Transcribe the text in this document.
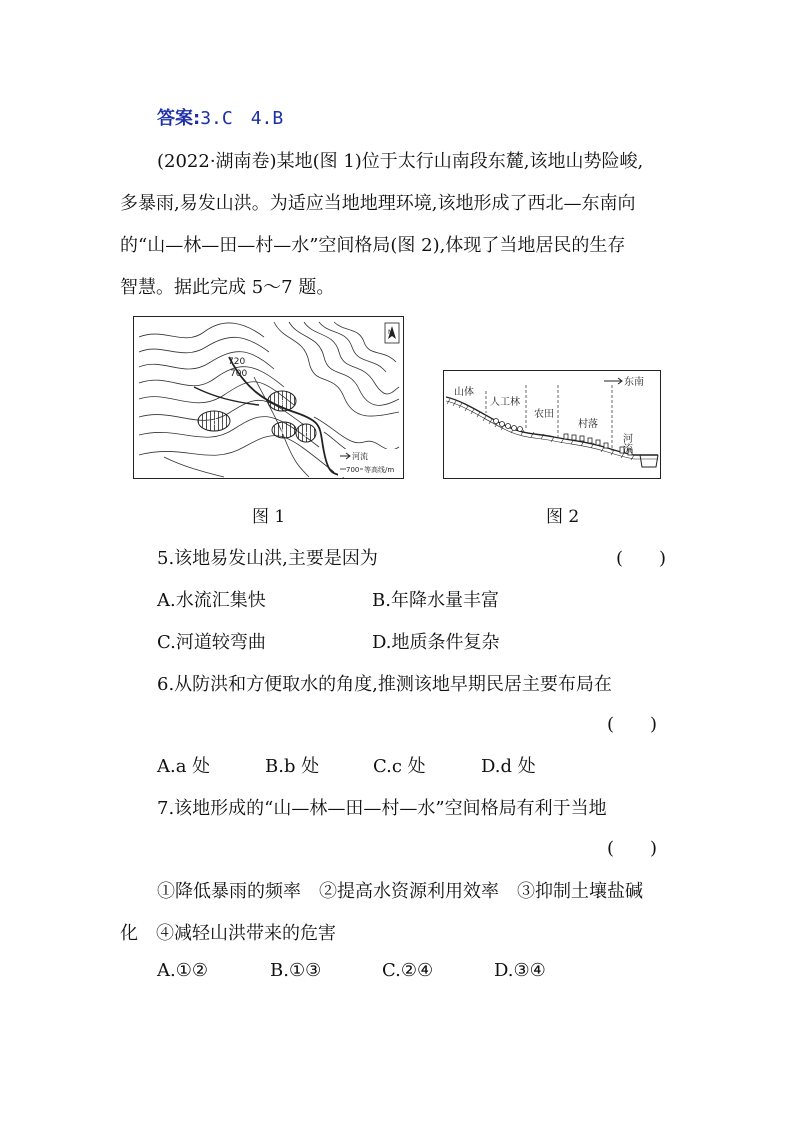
答案:3.C　4.B
(2022·湖南卷)某地(图 1)位于太行山南段东麓,该地山势险峻,
多暴雨,易发山洪。为适应当地地理环境,该地形成了西北—东南向
的“山—林—田—村—水”空间格局(图 2),体现了当地居民的生存
智慧。据此完成 5～7 题。
a
b
c
d
720
700
N
河流
700 等高线/m
图 1
东南
山体
人工林
农田
村落
河流
图 2
5.该地易发山洪,主要是因为	(　　)
A.水流汇集快	B.年降水量丰富
C.河道较弯曲	D.地质条件复杂
6.从防洪和方便取水的角度,推测该地早期民居主要布局在
(　　)
A.a 处	B.b 处	C.c 处	D.d 处
7.该地形成的“山—林—田—村—水”空间格局有利于当地
(　　)
①降低暴雨的频率　②提高水资源利用效率　③抑制土壤盐碱
化　④减轻山洪带来的危害
A.①②	B.①③	C.②④	D.③④
